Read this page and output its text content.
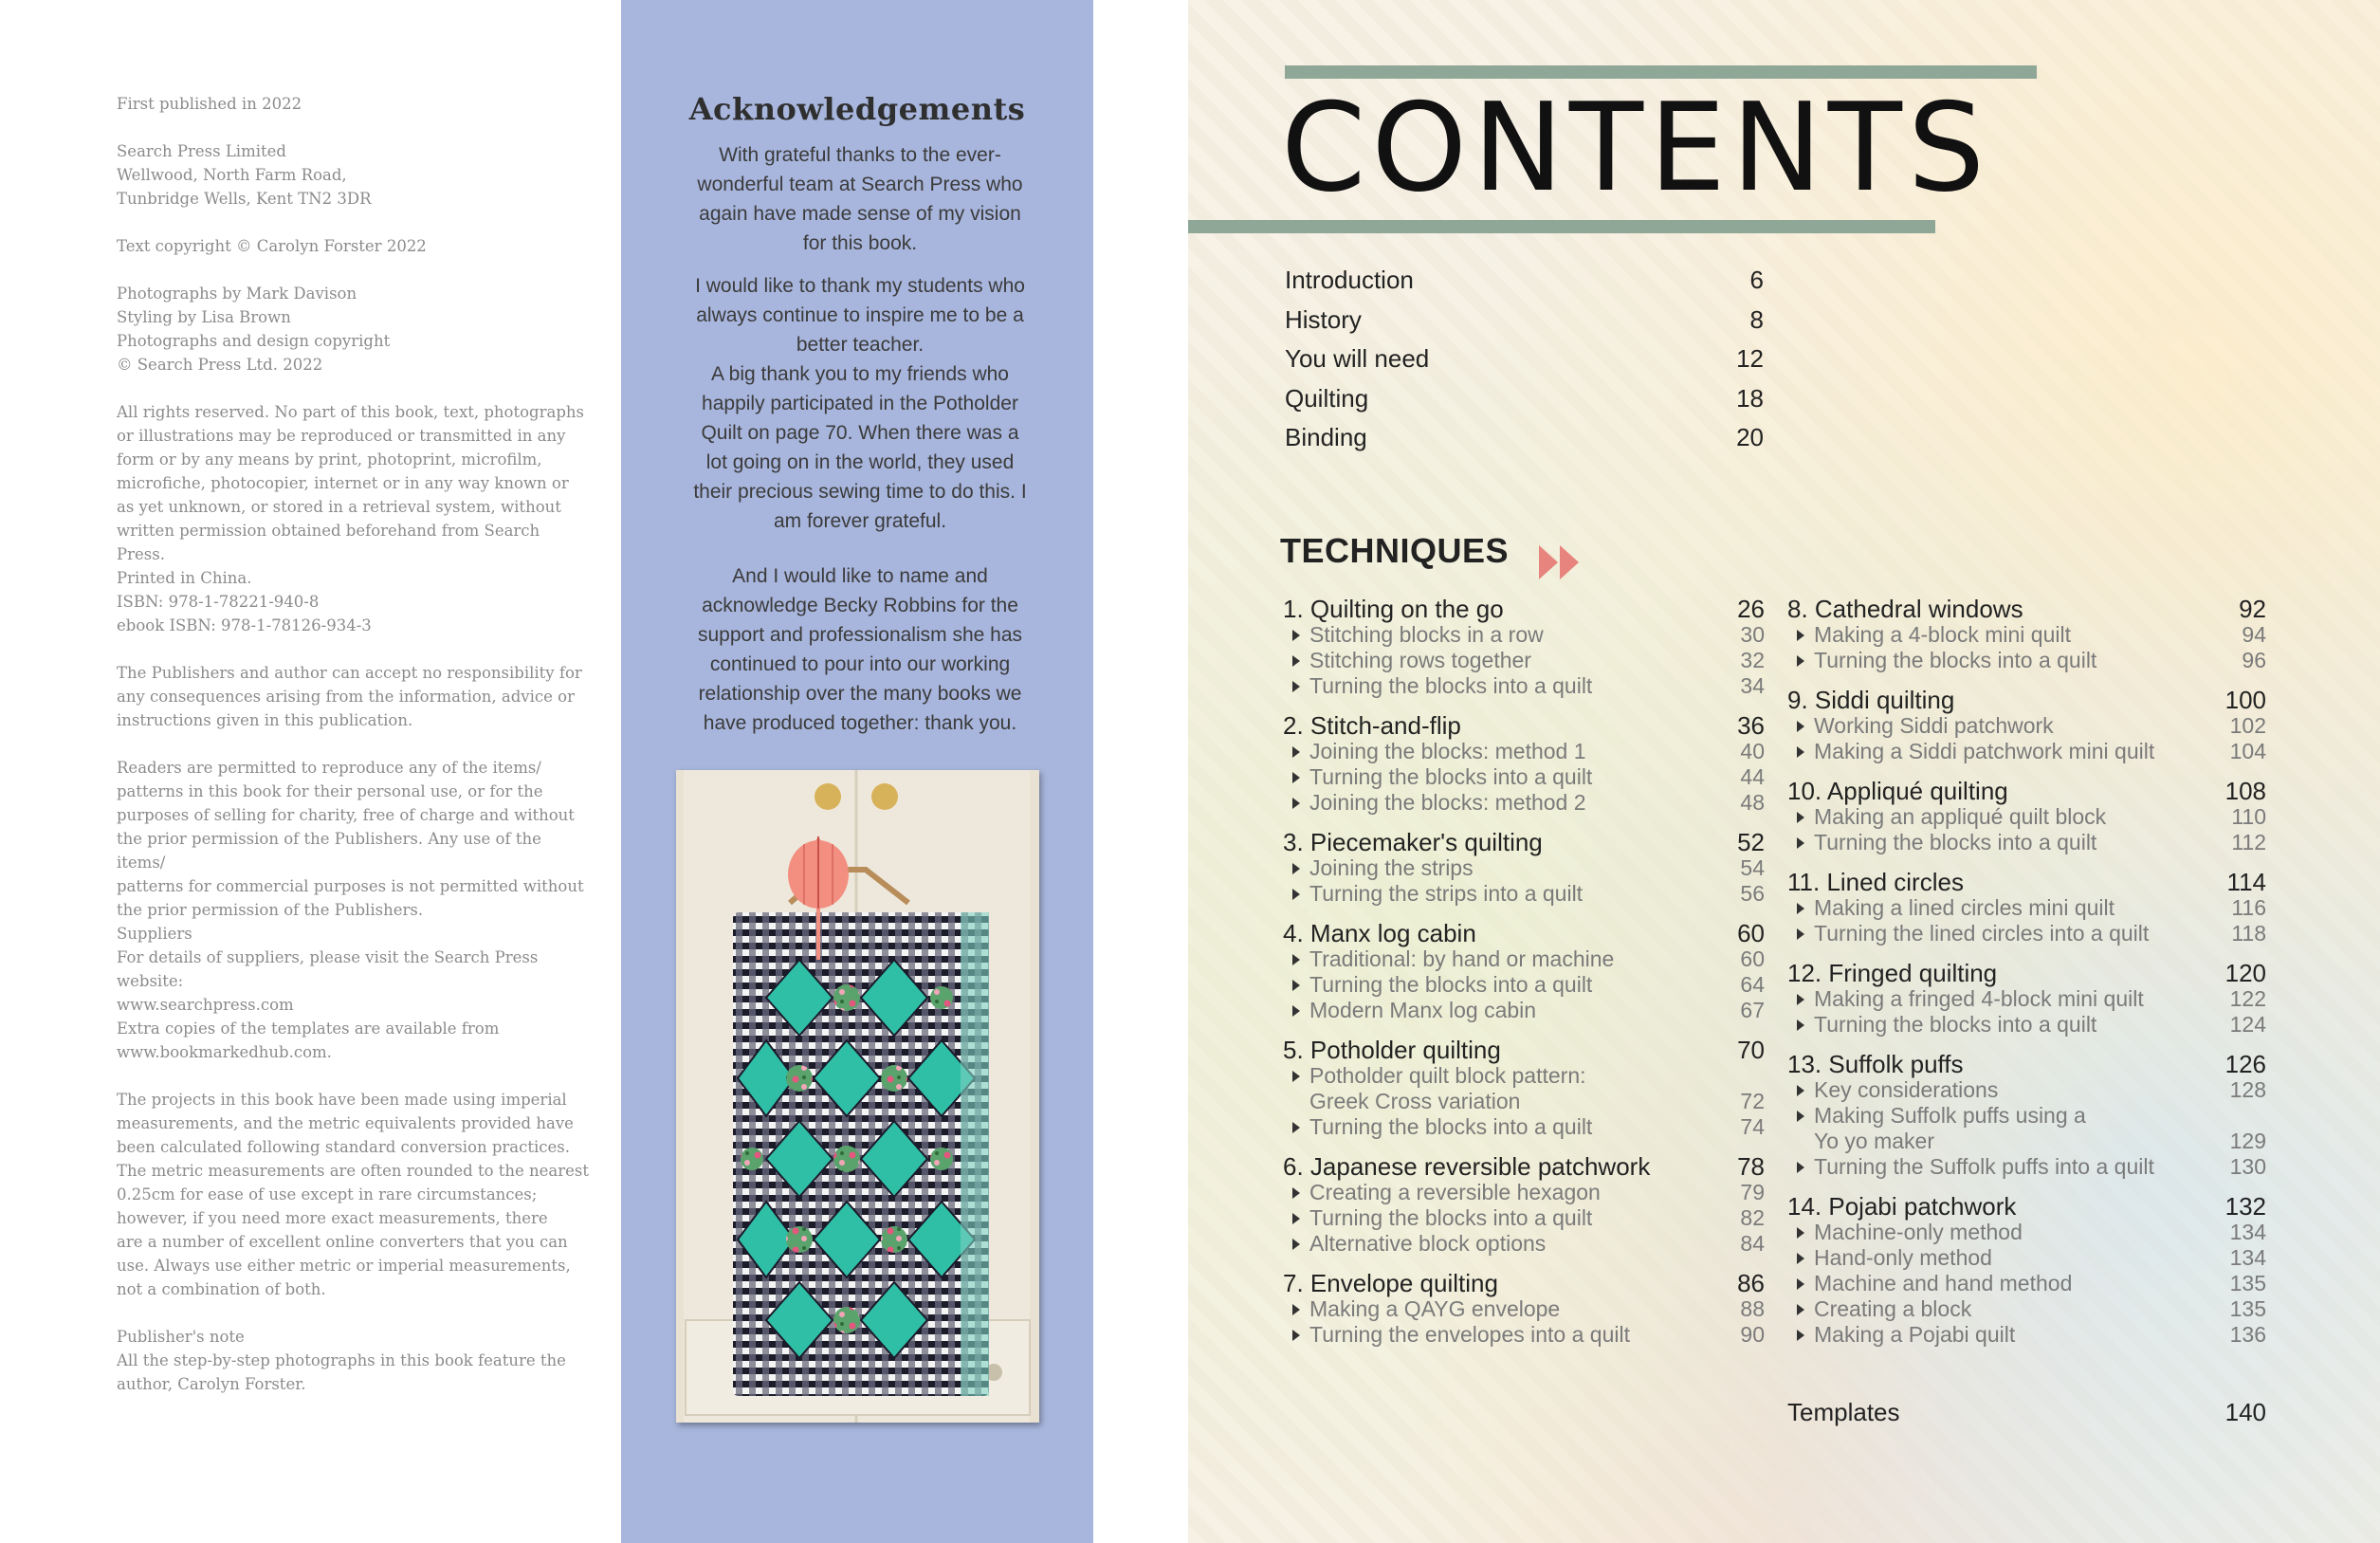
First published in 2022

Search Press Limited
Wellwood, North Farm Road,
Tunbridge Wells, Kent TN2 3DR

Text copyright © Carolyn Forster 2022

Photographs by Mark Davison
Styling by Lisa Brown
Photographs and design copyright
© Search Press Ltd. 2022

All rights reserved. No part of this book, text, photographs
or illustrations may be reproduced or transmitted in any
form or by any means by print, photoprint, microfilm,
microfiche, photocopier, internet or in any way known or
as yet unknown, or stored in a retrieval system, without
written permission obtained beforehand from Search Press.
Printed in China.

ISBN: 978-1-78221-940-8
ebook ISBN: 978-1-78126-934-3

The Publishers and author can accept no responsibility for
any consequences arising from the information, advice or
instructions given in this publication.

Readers are permitted to reproduce any of the items/
patterns in this book for their personal use, or for the
purposes of selling for charity, free of charge and without
the prior permission of the Publishers. Any use of the items/
patterns for commercial purposes is not permitted without
the prior permission of the Publishers.

Suppliers
For details of suppliers, please visit the Search Press website:
www.searchpress.com

Extra copies of the templates are available from
www.bookmarkedhub.com.

The projects in this book have been made using imperial
measurements, and the metric equivalents provided have
been calculated following standard conversion practices.
The metric measurements are often rounded to the nearest
0.25cm for ease of use except in rare circumstances;
however, if you need more exact measurements, there
are a number of excellent online converters that you can
use. Always use either metric or imperial measurements,
not a combination of both.

Publisher's note
All the step-by-step photographs in this book feature the
author, Carolyn Forster.

Acknowledgements

With grateful thanks to the ever-
wonderful team at Search Press who
again have made sense of my vision
for this book.

I would like to thank my students who
always continue to inspire me to be a
better teacher.

A big thank you to my friends who
happily participated in the Potholder
Quilt on page 70. When there was a
lot going on in the world, they used
their precious sewing time to do this. I
am forever grateful.

And I would like to name and
acknowledge Becky Robbins for the
support and professionalism she has
continued to pour into our working
relationship over the many books we
have produced together: thank you.

CONTENTS
Introduction	6
History	8
You will need	12
Quilting	18
Binding	20
TECHNIQUES
1. Quilting on the go	26
Stitching blocks in a row	30
Stitching rows together	32
Turning the blocks into a quilt	34
2. Stitch-and-flip	36
Joining the blocks: method 1	40
Turning the blocks into a quilt	44
Joining the blocks: method 2	48
3. Piecemaker's quilting	52
Joining the strips	54
Turning the strips into a quilt	56
4. Manx log cabin	60
Traditional: by hand or machine	60
Turning the blocks into a quilt	64
Modern Manx log cabin	67
5. Potholder quilting	70
Potholder quilt block pattern:
Greek Cross variation	72
Turning the blocks into a quilt	74
6. Japanese reversible patchwork	78
Creating a reversible hexagon	79
Turning the blocks into a quilt	82
Alternative block options	84
7. Envelope quilting	86
Making a QAYG envelope	88
Turning the envelopes into a quilt	90
8. Cathedral windows	92
Making a 4-block mini quilt	94
Turning the blocks into a quilt	96
9. Siddi quilting	100
Working Siddi patchwork	102
Making a Siddi patchwork mini quilt	104
10. Appliqué quilting	108
Making an appliqué quilt block	110
Turning the blocks into a quilt	112
11. Lined circles	114
Making a lined circles mini quilt	116
Turning the lined circles into a quilt	118
12. Fringed quilting	120
Making a fringed 4-block mini quilt	122
Turning the blocks into a quilt	124
13. Suffolk puffs	126
Key considerations	128
Making Suffolk puffs using a
Yo yo maker	129
Turning the Suffolk puffs into a quilt	130
14. Pojabi patchwork	132
Machine-only method	134
Hand-only method	134
Machine and hand method	135
Creating a block	135
Making a Pojabi quilt	136
Templates	140
